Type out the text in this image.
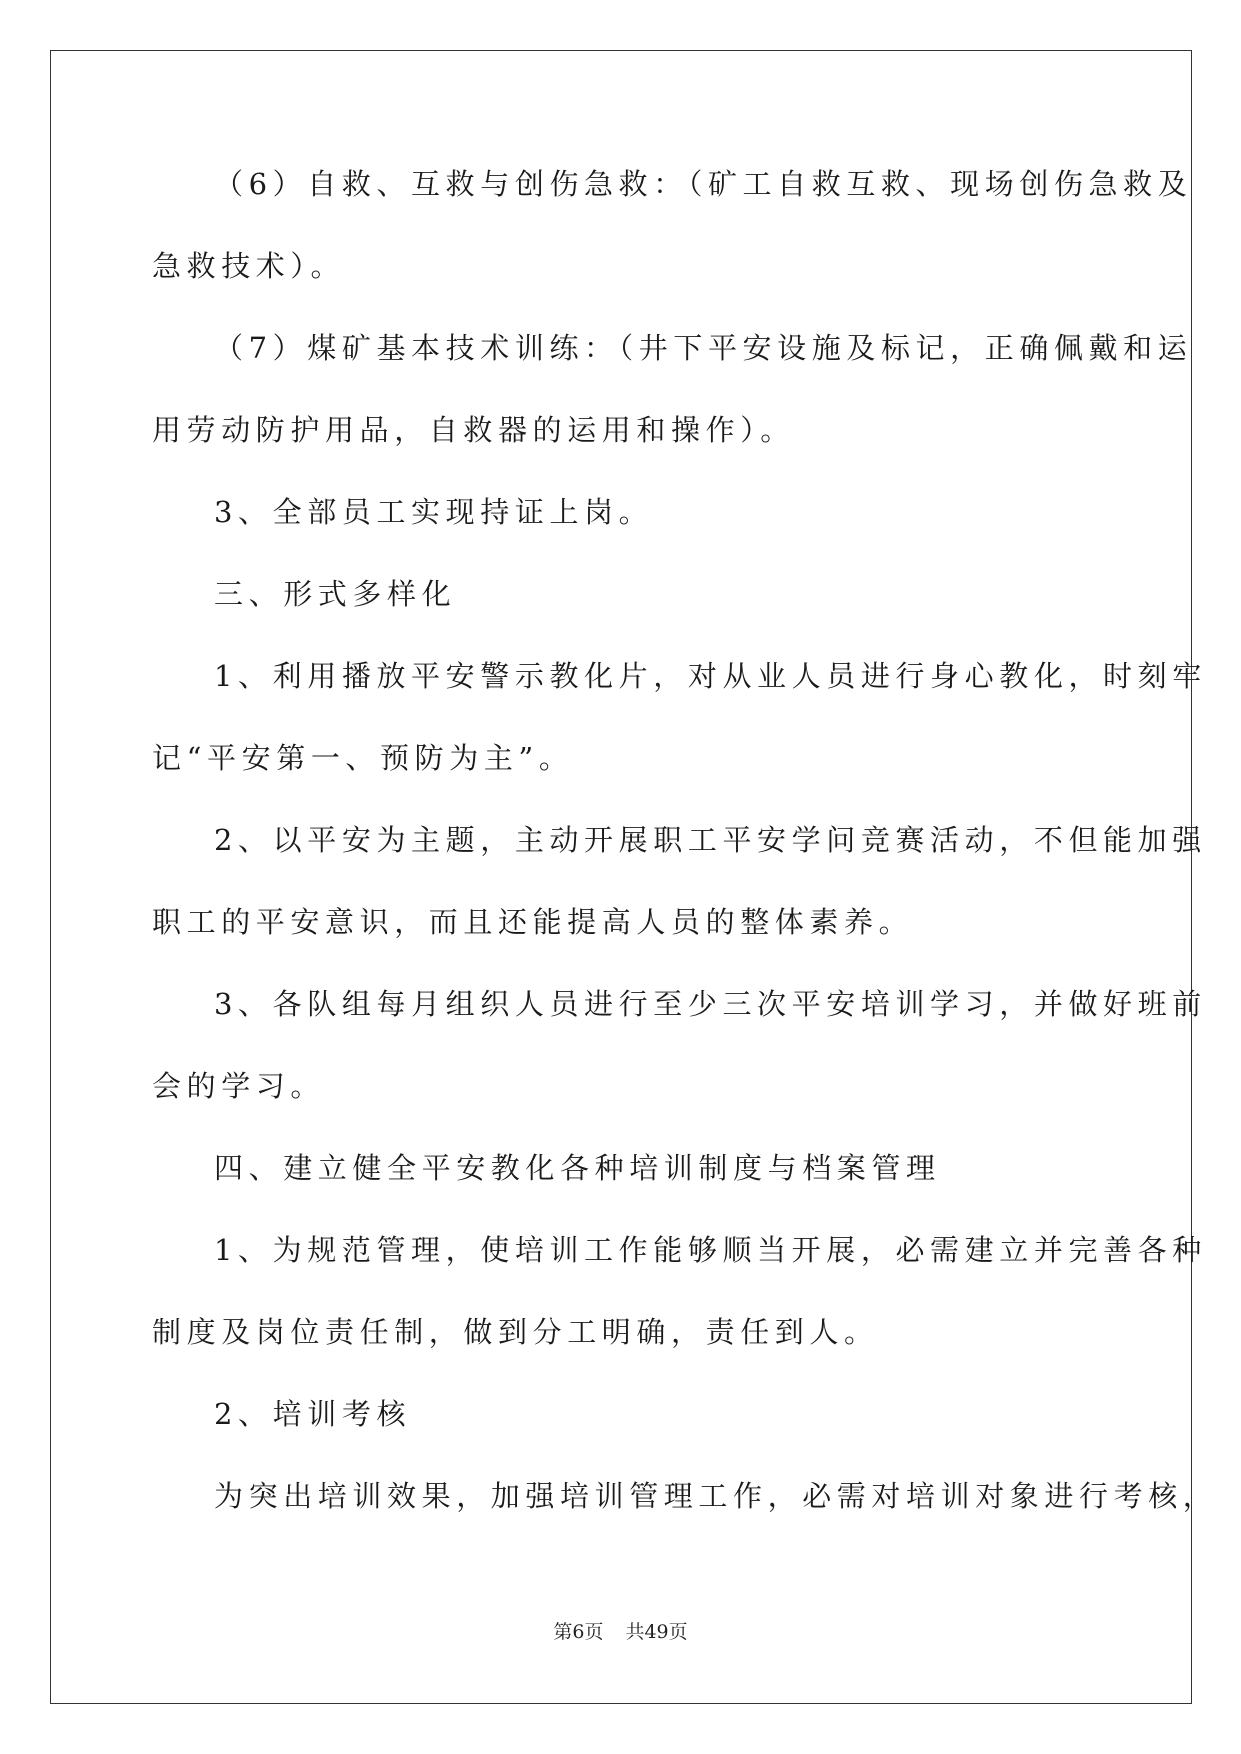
（6）自救、互救与创伤急救：（矿工自救互救、现场创伤急救及
急救技术）。
（7）煤矿基本技术训练：（井下平安设施及标记，正确佩戴和运
用劳动防护用品，自救器的运用和操作）。
3、全部员工实现持证上岗。
三、形式多样化
1、利用播放平安警示教化片，对从业人员进行身心教化，时刻牢
记“平安第一、预防为主”。
2、以平安为主题，主动开展职工平安学问竞赛活动，不但能加强
职工的平安意识，而且还能提高人员的整体素养。
3、各队组每月组织人员进行至少三次平安培训学习，并做好班前
会的学习。
四、建立健全平安教化各种培训制度与档案管理
1、为规范管理，使培训工作能够顺当开展，必需建立并完善各种
制度及岗位责任制，做到分工明确，责任到人。
2、培训考核
为突出培训效果，加强培训管理工作，必需对培训对象进行考核，
第6页 共49页
